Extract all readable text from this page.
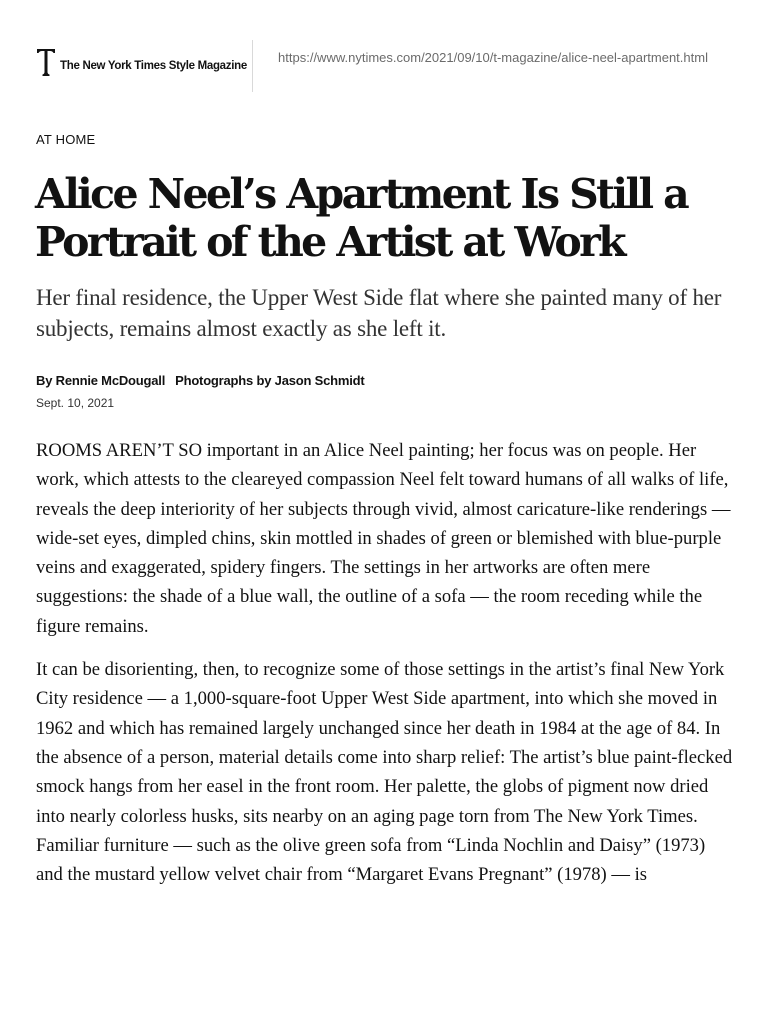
The New York Times Style Magazine
https://www.nytimes.com/2021/09/10/t-magazine/alice-neel-apartment.html
AT HOME
Alice Neel’s Apartment Is Still a Portrait of the Artist at Work

Her final residence, the Upper West Side flat where she painted many of her subjects, remains almost exactly as she left it.

By Rennie McDougall Photographs by Jason Schmidt
Sept. 10, 2021

ROOMS AREN’T SO important in an Alice Neel painting; her focus was on people. Her work, which attests to the cleareyed compassion Neel felt toward humans of all walks of life, reveals the deep interiority of her subjects through vivid, almost caricature-like renderings — wide-set eyes, dimpled chins, skin mottled in shades of green or blemished with blue-purple veins and exaggerated, spidery fingers. The settings in her artworks are often mere suggestions: the shade of a blue wall, the outline of a sofa — the room receding while the figure remains.

It can be disorienting, then, to recognize some of those settings in the artist’s final New York City residence — a 1,000-square-foot Upper West Side apartment, into which she moved in 1962 and which has remained largely unchanged since her death in 1984 at the age of 84. In the absence of a person, material details come into sharp relief: The artist’s blue paint-flecked smock hangs from her easel in the front room. Her palette, the globs of pigment now dried into nearly colorless husks, sits nearby on an aging page torn from The New York Times. Familiar furniture — such as the olive green sofa from “Linda Nochlin and Daisy” (1973) and the mustard yellow velvet chair from “Margaret Evans Pregnant” (1978) — is
